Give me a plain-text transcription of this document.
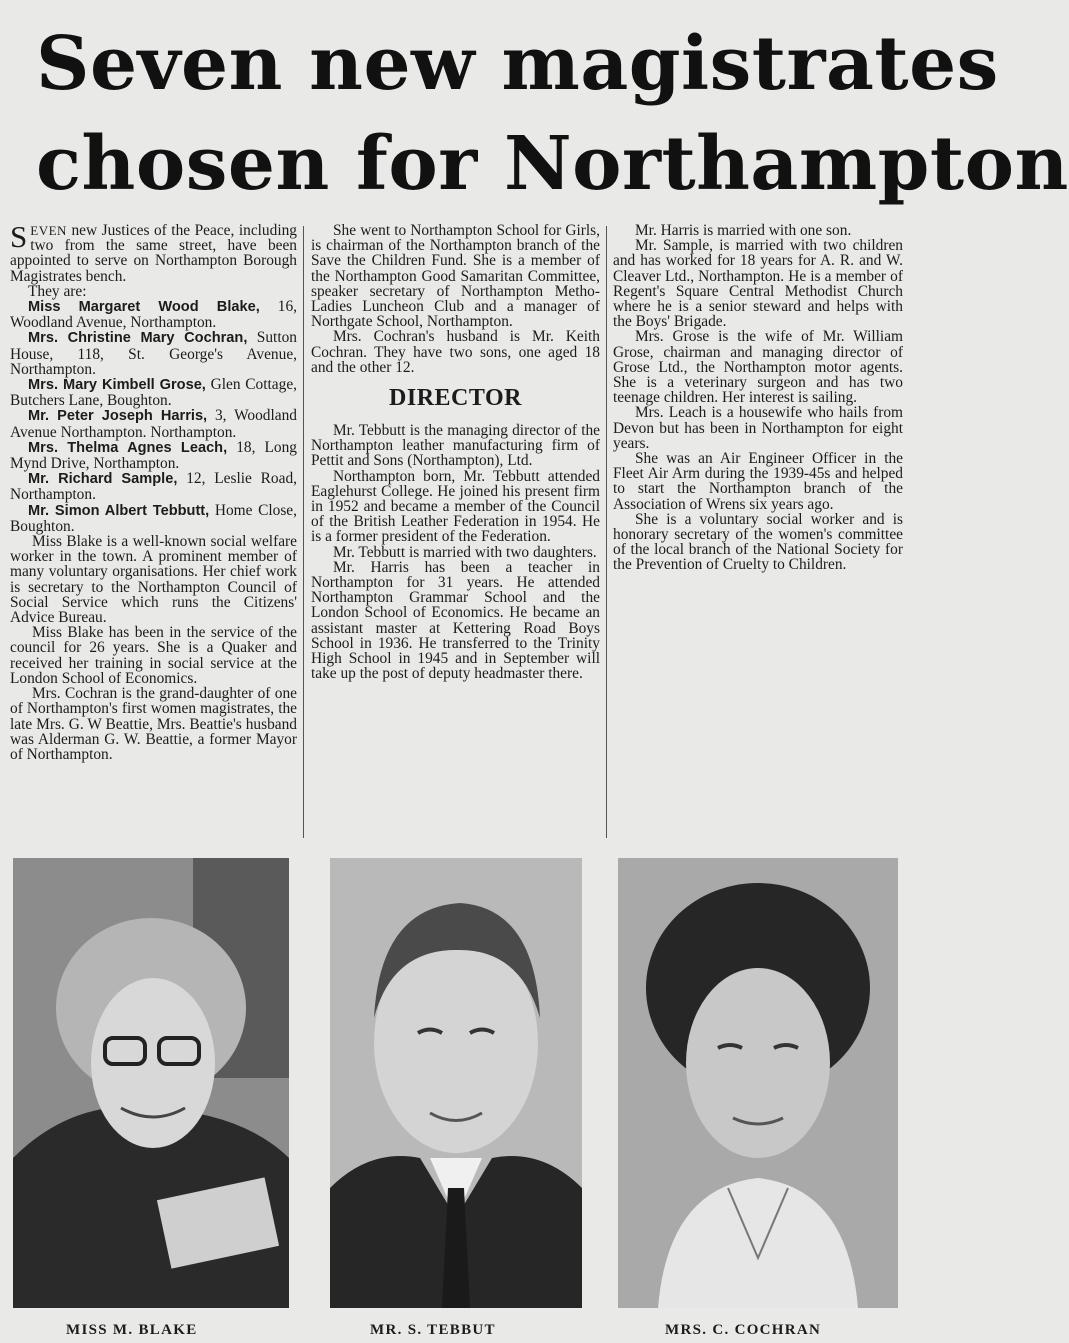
Seven new magistrates
chosen for Northampton

SEVEN new Justices of the Peace, including two from the same street, have been appointed to serve on Northampton Borough Magistrates bench.

They are:

Miss Margaret Wood Blake, 16, Woodland Avenue, Northampton.

Mrs. Christine Mary Cochran, Sutton House, 118, St. George's Avenue, Northampton.

Mrs. Mary Kimbell Grose, Glen Cottage, Butchers Lane, Boughton.

Mr. Peter Joseph Harris, 3, Woodland Avenue Northampton. Northampton.

Mrs. Thelma Agnes Leach, 18, Long Mynd Drive, Northampton.

Mr. Richard Sample, 12, Leslie Road, Northampton.

Mr. Simon Albert Tebbutt, Home Close, Boughton.

Miss Blake is a well-known social welfare worker in the town. A prominent member of many voluntary organisations. Her chief work is secretary to the Northampton Council of Social Service which runs the Citizens' Advice Bureau.

Miss Blake has been in the service of the council for 26 years. She is a Quaker and received her training in social service at the London School of Economics.

Mrs. Cochran is the grand-daughter of one of Northampton's first women magistrates, the late Mrs. G. W Beattie, Mrs. Beattie's husband was Alderman G. W. Beattie, a former Mayor of Northampton.

She went to Northampton School for Girls, is chairman of the Northampton branch of the Save the Children Fund. She is a member of the Northampton Good Samaritan Committee, speaker secretary of Northampton Metho-Ladies Luncheon Club and a manager of Northgate School, Northampton.

Mrs. Cochran's husband is Mr. Keith Cochran. They have two sons, one aged 18 and the other 12.

DIRECTOR

Mr. Tebbutt is the managing director of the Northampton leather manufacturing firm of Pettit and Sons (Northampton), Ltd.

Northampton born, Mr. Tebbutt attended Eaglehurst College. He joined his present firm in 1952 and became a member of the Council of the British Leather Federation in 1954. He is a former president of the Federation.

Mr. Tebbutt is married with two daughters.

Mr. Harris has been a teacher in Northampton for 31 years. He attended Northampton Grammar School and the London School of Economics. He became an assistant master at Kettering Road Boys School in 1936. He transferred to the Trinity High School in 1945 and in September will take up the post of deputy headmaster there.

Mr. Harris is married with one son.

Mr. Sample, is married with two children and has worked for 18 years for A. R. and W. Cleaver Ltd., Northampton. He is a member of Regent's Square Central Methodist Church where he is a senior steward and helps with the Boys' Brigade.

Mrs. Grose is the wife of Mr. William Grose, chairman and managing director of Grose Ltd., the Northampton motor agents. She is a veterinary surgeon and has two teenage children. Her interest is sailing.

Mrs. Leach is a housewife who hails from Devon but has been in Northampton for eight years.

She was an Air Engineer Officer in the Fleet Air Arm during the 1939-45s and helped to start the Northampton branch of the Association of Wrens six years ago.

She is a voluntary social worker and is honorary secretary of the women's committee of the local branch of the National Society for the Prevention of Cruelty to Children.

MISS M. BLAKE	MR. S. TEBBUT	MRS. C. COCHRAN
